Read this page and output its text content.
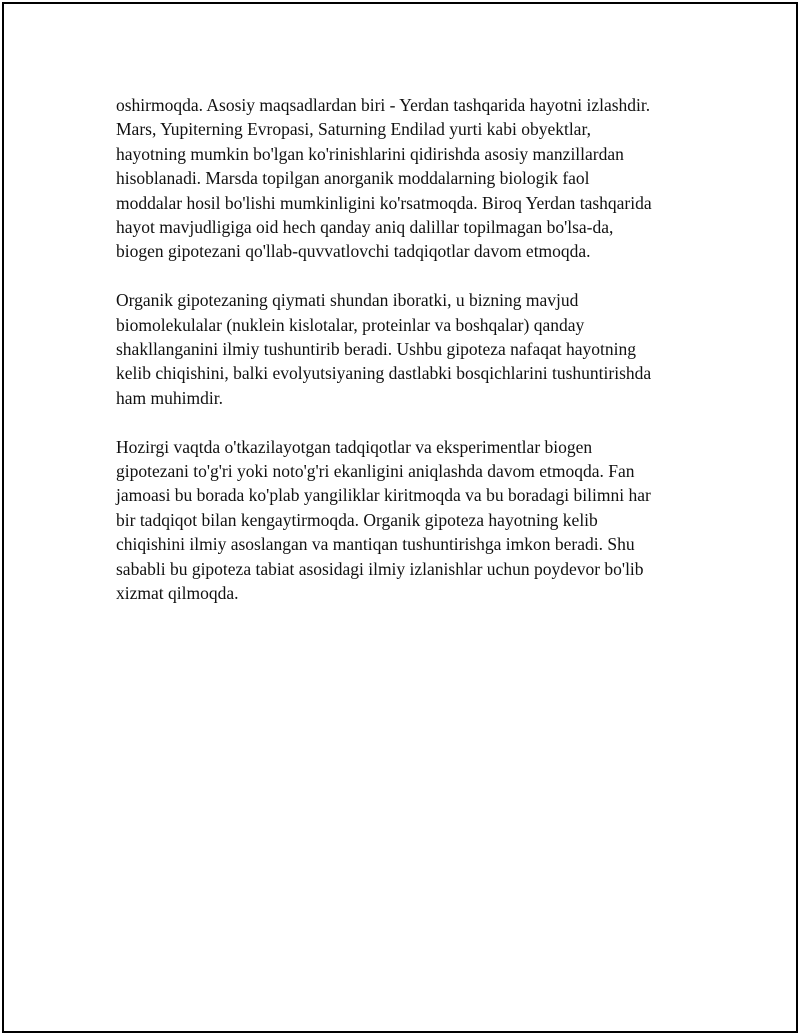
oshirmoqda. Asosiy maqsadlardan biri - Yerdan tashqarida hayotni izlashdir.
Mars, Yupiterning Evropasi, Saturning Endilad yurti kabi obyektlar,
hayotning mumkin bo'lgan ko'rinishlarini qidirishda asosiy manzillardan
hisoblanadi. Marsda topilgan anorganik moddalarning biologik faol
moddalar hosil bo'lishi mumkinligini ko'rsatmoqda. Biroq Yerdan tashqarida
hayot mavjudligiga oid hech qanday aniq dalillar topilmagan bo'lsa-da,
biogen gipotezani qo'llab-quvvatlovchi tadqiqotlar davom etmoqda.

Organik gipotezaning qiymati shundan iboratki, u bizning mavjud
biomolekulalar (nuklein kislotalar, proteinlar va boshqalar) qanday
shakllanganini ilmiy tushuntirib beradi. Ushbu gipoteza nafaqat hayotning
kelib chiqishini, balki evolyutsiyaning dastlabki bosqichlarini tushuntirishda
ham muhimdir.

Hozirgi vaqtda o'tkazilayotgan tadqiqotlar va eksperimentlar biogen
gipotezani to'g'ri yoki noto'g'ri ekanligini aniqlashda davom etmoqda. Fan
jamoasi bu borada ko'plab yangiliklar kiritmoqda va bu boradagi bilimni har
bir tadqiqot bilan kengaytirmoqda. Organik gipoteza hayotning kelib
chiqishini ilmiy asoslangan va mantiqan tushuntirishga imkon beradi. Shu
sababli bu gipoteza tabiat asosidagi ilmiy izlanishlar uchun poydevor bo'lib
xizmat qilmoqda.
